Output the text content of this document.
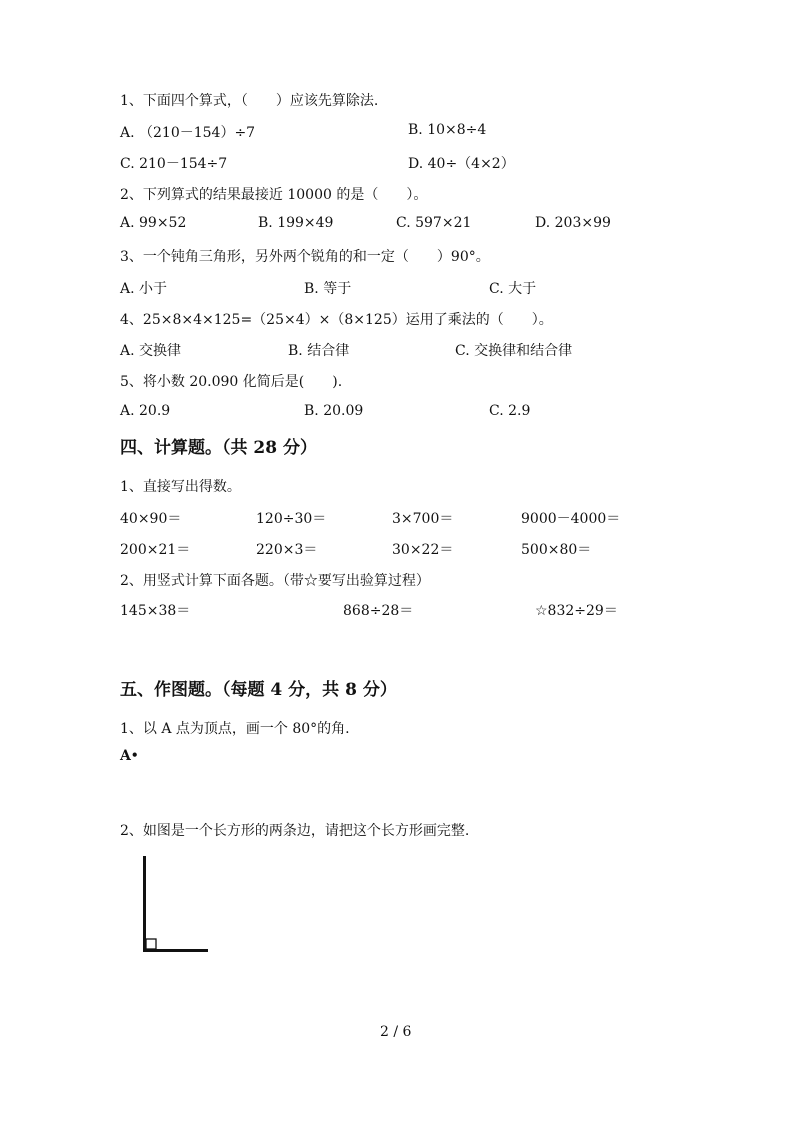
1、下面四个算式，（　　）应该先算除法.
A. （210－154）÷7	B. 10×8÷4
C. 210－154÷7	D. 40÷（4×2）
2、下列算式的结果最接近 10000 的是（　　）。
A. 99×52	B. 199×49	C. 597×21	D. 203×99
3、一个钝角三角形，另外两个锐角的和一定（　　）90°。
A. 小于	B. 等于	C. 大于
4、25×8×4×125=（25×4）×（8×125）运用了乘法的（　　）。
A. 交换律	B. 结合律	C. 交换律和结合律
5、将小数 20.090 化简后是(　　).
A. 20.9	B. 20.09	C. 2.9
四、计算题。（共 28 分）
1、直接写出得数。
40×90＝	120÷30＝	3×700＝	9000－4000＝
200×21＝	220×3＝	30×22＝	500×80＝
2、用竖式计算下面各题。（带☆要写出验算过程）
145×38＝	868÷28＝	☆832÷29＝
五、作图题。（每题 4 分，共 8 分）
1、以 A 点为顶点，画一个 80°的角.
A•
2、如图是一个长方形的两条边，请把这个长方形画完整.
2 / 6
